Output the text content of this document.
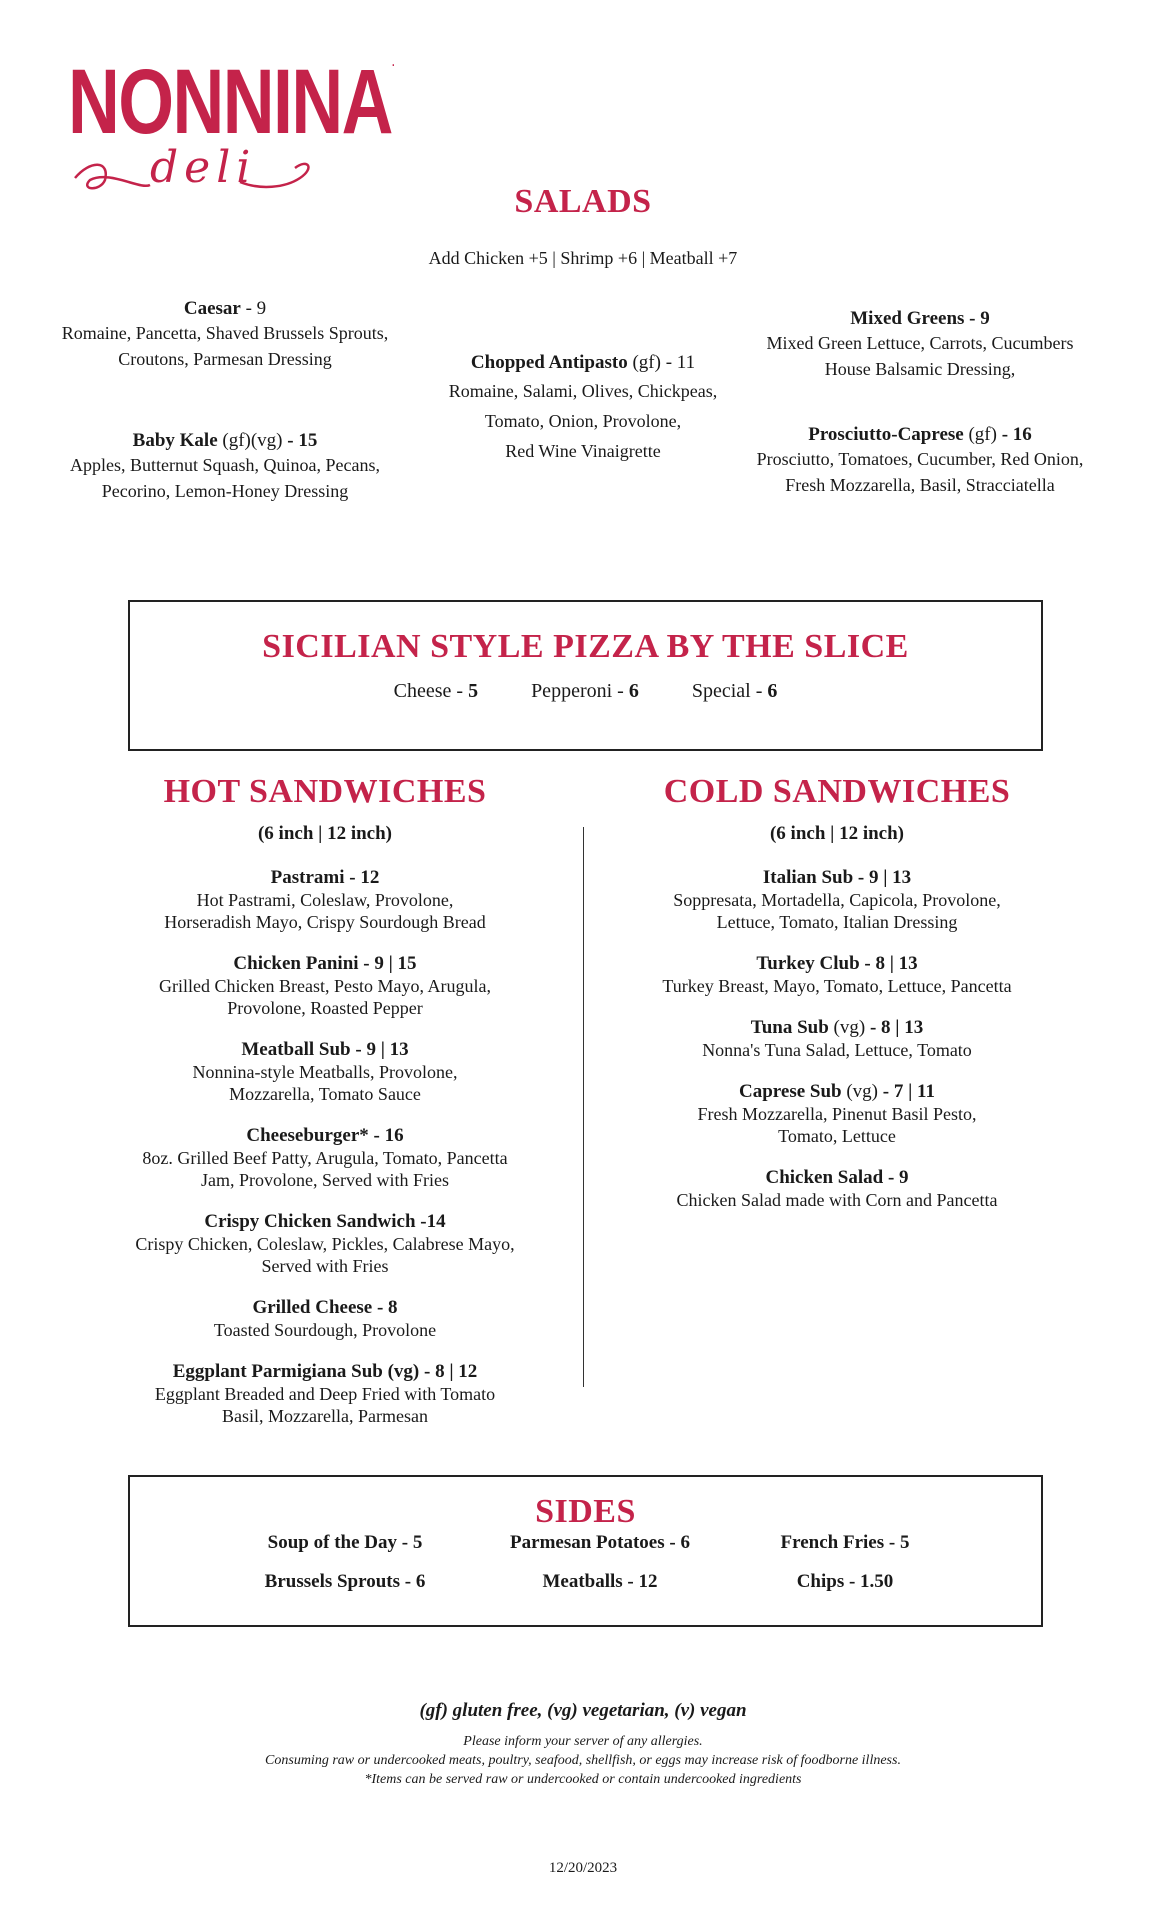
NONNINA.
deli
SALADS
Add Chicken +5 | Shrimp +6 | Meatball +7
Caesar - 9
Romaine, Pancetta, Shaved Brussels Sprouts,
Croutons, Parmesan Dressing
Baby Kale (gf)(vg) - 15
Apples, Butternut Squash, Quinoa, Pecans,
Pecorino, Lemon-Honey Dressing
Chopped Antipasto (gf) - 11
Romaine, Salami, Olives, Chickpeas,
Tomato, Onion, Provolone,
Red Wine Vinaigrette
Mixed Greens - 9
Mixed Green Lettuce, Carrots, Cucumbers
House Balsamic Dressing,
Prosciutto-Caprese (gf) - 16
Prosciutto, Tomatoes, Cucumber, Red Onion,
Fresh Mozzarella, Basil, Stracciatella
SICILIAN STYLE PIZZA BY THE SLICE
Cheese - 5	Pepperoni - 6	Special - 6
HOT SANDWICHES
(6 inch | 12 inch)
Pastrami - 12
Hot Pastrami, Coleslaw, Provolone,
Horseradish Mayo, Crispy Sourdough Bread
Chicken Panini - 9 | 15
Grilled Chicken Breast, Pesto Mayo, Arugula,
Provolone, Roasted Pepper
Meatball Sub - 9 | 13
Nonnina-style Meatballs, Provolone,
Mozzarella, Tomato Sauce
Cheeseburger* - 16
8oz. Grilled Beef Patty, Arugula, Tomato, Pancetta
Jam, Provolone, Served with Fries
Crispy Chicken Sandwich -14
Crispy Chicken, Coleslaw, Pickles, Calabrese Mayo,
Served with Fries
Grilled Cheese - 8
Toasted Sourdough, Provolone
Eggplant Parmigiana Sub (vg) - 8 | 12
Eggplant Breaded and Deep Fried with Tomato
Basil, Mozzarella, Parmesan
COLD SANDWICHES
(6 inch | 12 inch)
Italian Sub - 9 | 13
Soppresata, Mortadella, Capicola, Provolone,
Lettuce, Tomato, Italian Dressing
Turkey Club - 8 | 13
Turkey Breast, Mayo, Tomato, Lettuce, Pancetta
Tuna Sub (vg) - 8 | 13
Nonna's Tuna Salad, Lettuce, Tomato
Caprese Sub (vg) - 7 | 11
Fresh Mozzarella, Pinenut Basil Pesto,
Tomato, Lettuce
Chicken Salad - 9
Chicken Salad made with Corn and Pancetta
SIDES
Soup of the Day - 5	Parmesan Potatoes - 6	French Fries - 5
Brussels Sprouts - 6	Meatballs - 12	Chips - 1.50
(gf) gluten free, (vg) vegetarian, (v) vegan
Please inform your server of any allergies.
Consuming raw or undercooked meats, poultry, seafood, shellfish, or eggs may increase risk of foodborne illness.
*Items can be served raw or undercooked or contain undercooked ingredients
12/20/2023
